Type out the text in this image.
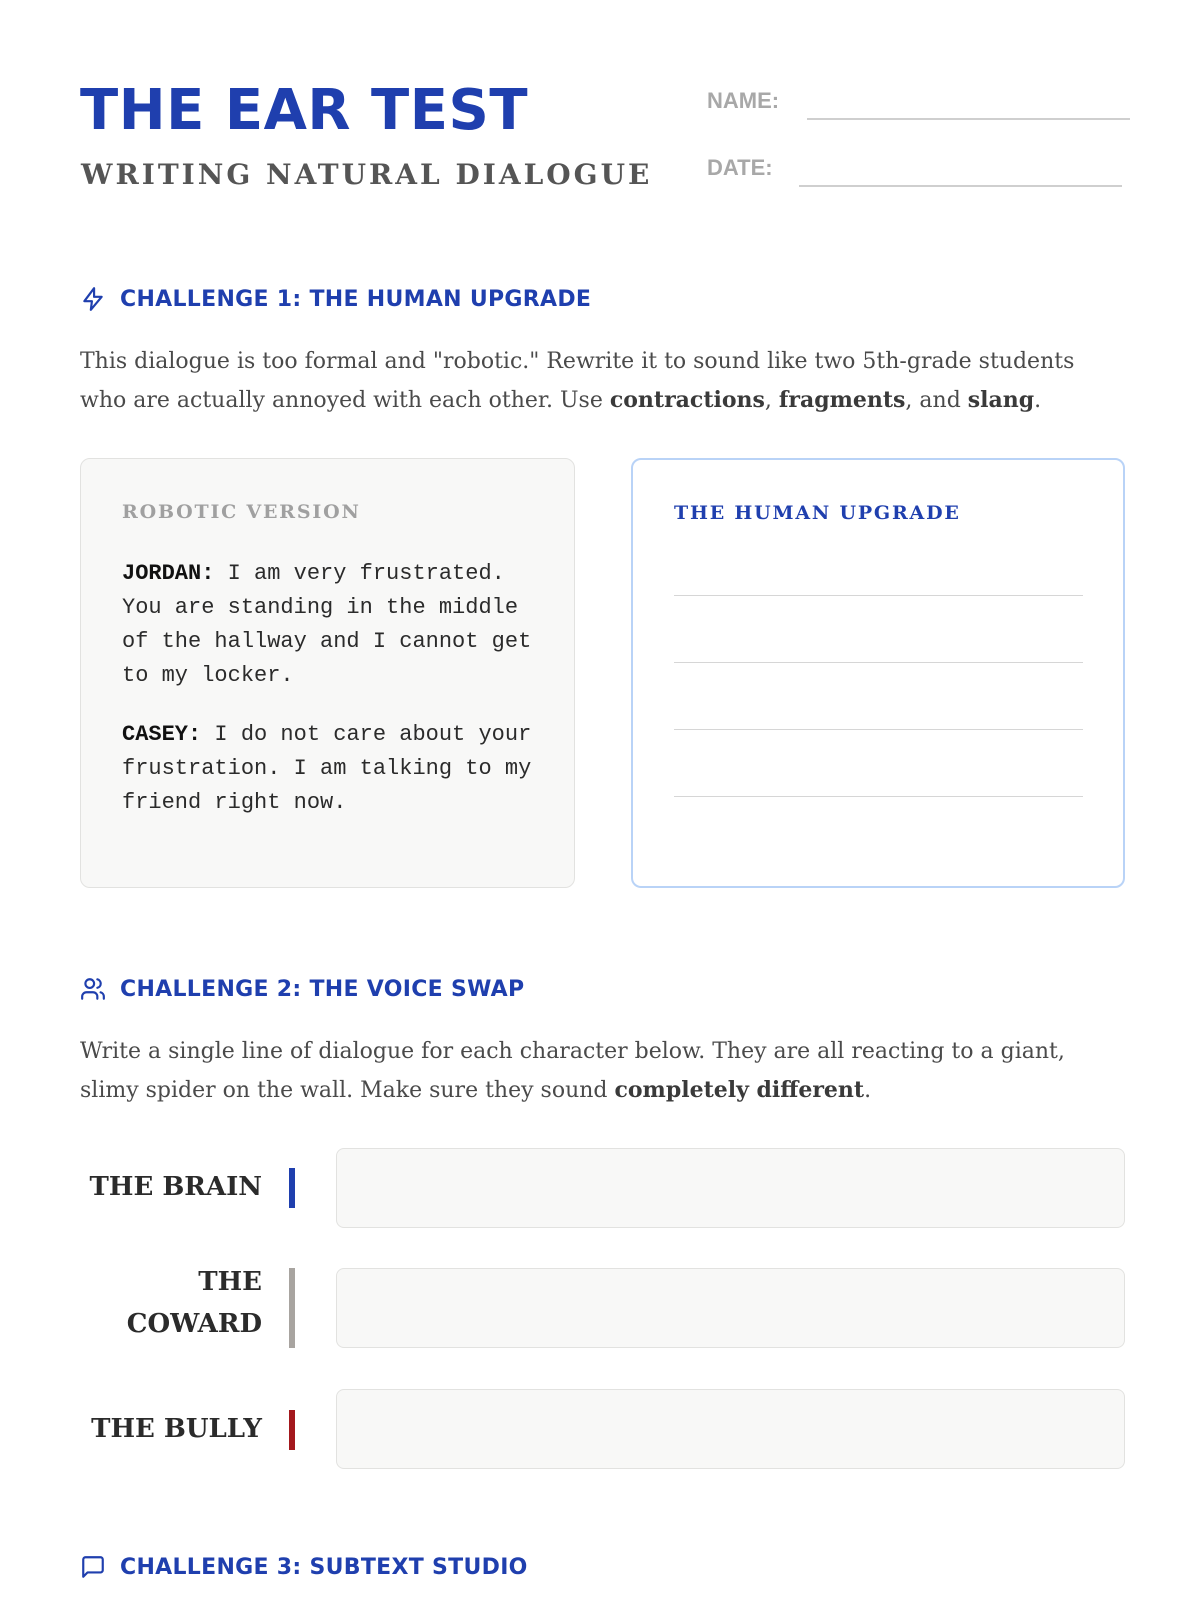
THE EAR TEST
WRITING NATURAL DIALOGUE
NAME:
DATE:
CHALLENGE 1: THE HUMAN UPGRADE

This dialogue is too formal and "robotic." Rewrite it to sound like two 5th-grade students who are actually annoyed with each other. Use contractions, fragments, and slang.

ROBOTIC VERSION

JORDAN: I am very frustrated. You are standing in the middle of the hallway and I cannot get to my locker.

CASEY: I do not care about your frustration. I am talking to my friend right now.

THE HUMAN UPGRADE
CHALLENGE 2: THE VOICE SWAP

Write a single line of dialogue for each character below. They are all reacting to a giant, slimy spider on the wall. Make sure they sound completely different.

THE BRAIN
THE COWARD
THE BULLY
CHALLENGE 3: SUBTEXT STUDIO
